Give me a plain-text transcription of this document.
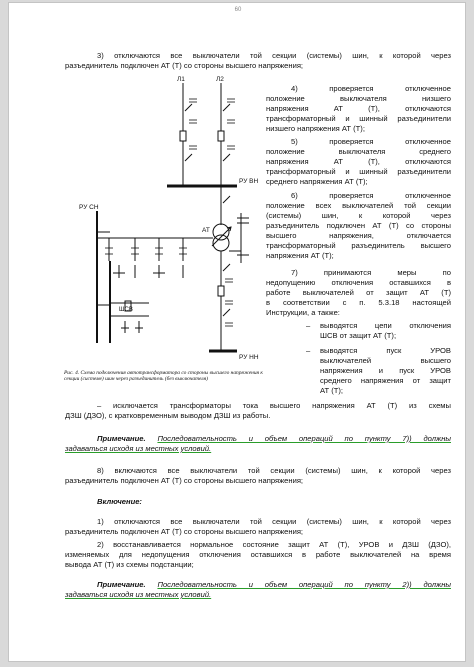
60
3) отключаются все выключатели той секции (системы) шин, к которой через
разъединитель подключен АТ (Т) со стороны высшего напряжения;
4) проверяется отключенное
положение выключателя низшего
напряжения АТ (Т), отключаются
трансформаторный и шинный разъединители
низшего напряжения АТ (Т);
5) проверяется отключенное
положение выключателя среднего
напряжения АТ (Т), отключаются
трансформаторный и шинный разъединители
среднего напряжения АТ (Т);
6) проверяется отключенное
положение всех выключателей той секции
(системы) шин, к которой через
разъединитель подключен АТ (Т) со стороны
высшего напряжения, отключается
трансформаторный разъединитель высшего
напряжения АТ (Т);
7) принимаются меры по
недопущению отключения оставшихся в
работе выключателей от защит АТ (Т)
в соответствии с п. 5.3.18 настоящей
Инструкции, а также:
– выводятся цепи отключения
ШСВ от защит АТ (Т);
– выводятся пуск УРОВ
выключателей высшего
напряжения и пуск УРОВ
среднего напряжения от защит
АТ (Т);
– исключается трансформаторы тока высшего напряжения АТ (Т) из схемы
ДЗШ (ДЗО), с кратковременным выводом ДЗШ из работы.
Примечание. Последовательность и объем операций по пункту 7)) должны
задаваться исходя из местных условий.
8) включаются все выключатели той секции (системы) шин, к которой через
разъединитель подключен АТ (Т) со стороны высшего напряжения;
Включение:
1) отключаются все выключатели той секции (системы) шин, к которой через
разъединитель подключен АТ (Т) со стороны высшего напряжения;
2) восстанавливается нормальное состояние защит АТ (Т), УРОВ и ДЗШ (ДЗО),
изменяемых для недопущения отключения оставшихся в работе выключателей на время
вывода АТ (Т) из схемы подстанции;
Примечание. Последовательность и объем операций по пункту 2)) должны
задаваться исходя из местных условий.
Рис. 4. Схема подключения автотрансформатора со стороны высшего напряжения к секции (системе) шин через разъединитель (без выключателя)
Л1	Л2
РУ ВН
РУ СН
АТ
ШСВ
РУ НН
